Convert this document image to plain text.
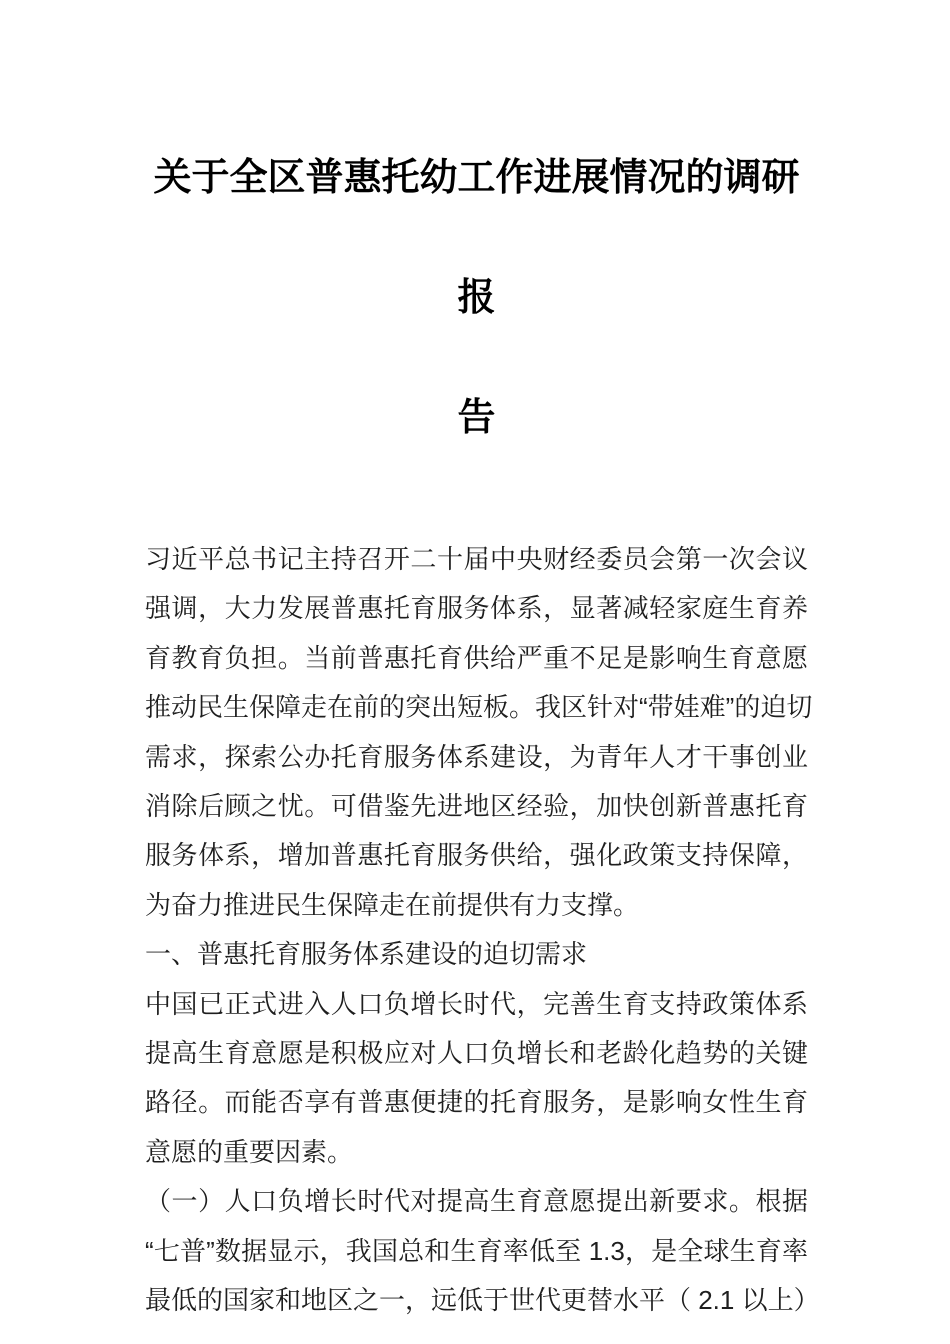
关于全区普惠托幼工作进展情况的调研报
告
习近平总书记主持召开二十届中央财经委员会第一次会议
强调，大力发展普惠托育服务体系，显著减轻家庭生育养
育教育负担。当前普惠托育供给严重不足是影响生育意愿
推动民生保障走在前的突出短板。我区针对“带娃难”的迫切
需求，探索公办托育服务体系建设，为青年人才干事创业
消除后顾之忧。可借鉴先进地区经验，加快创新普惠托育
服务体系，增加普惠托育服务供给，强化政策支持保障，
为奋力推进民生保障走在前提供有力支撑。
一、普惠托育服务体系建设的迫切需求
中国已正式进入人口负增长时代，完善生育支持政策体系
提高生育意愿是积极应对人口负增长和老龄化趋势的关键
路径。而能否享有普惠便捷的托育服务，是影响女性生育
意愿的重要因素。
（一）人口负增长时代对提高生育意愿提出新要求。根据
“七普”数据显示，我国总和生育率低至 1.3，是全球生育率
最低的国家和地区之一，远低于世代更替水平（ 2.1 以上）
